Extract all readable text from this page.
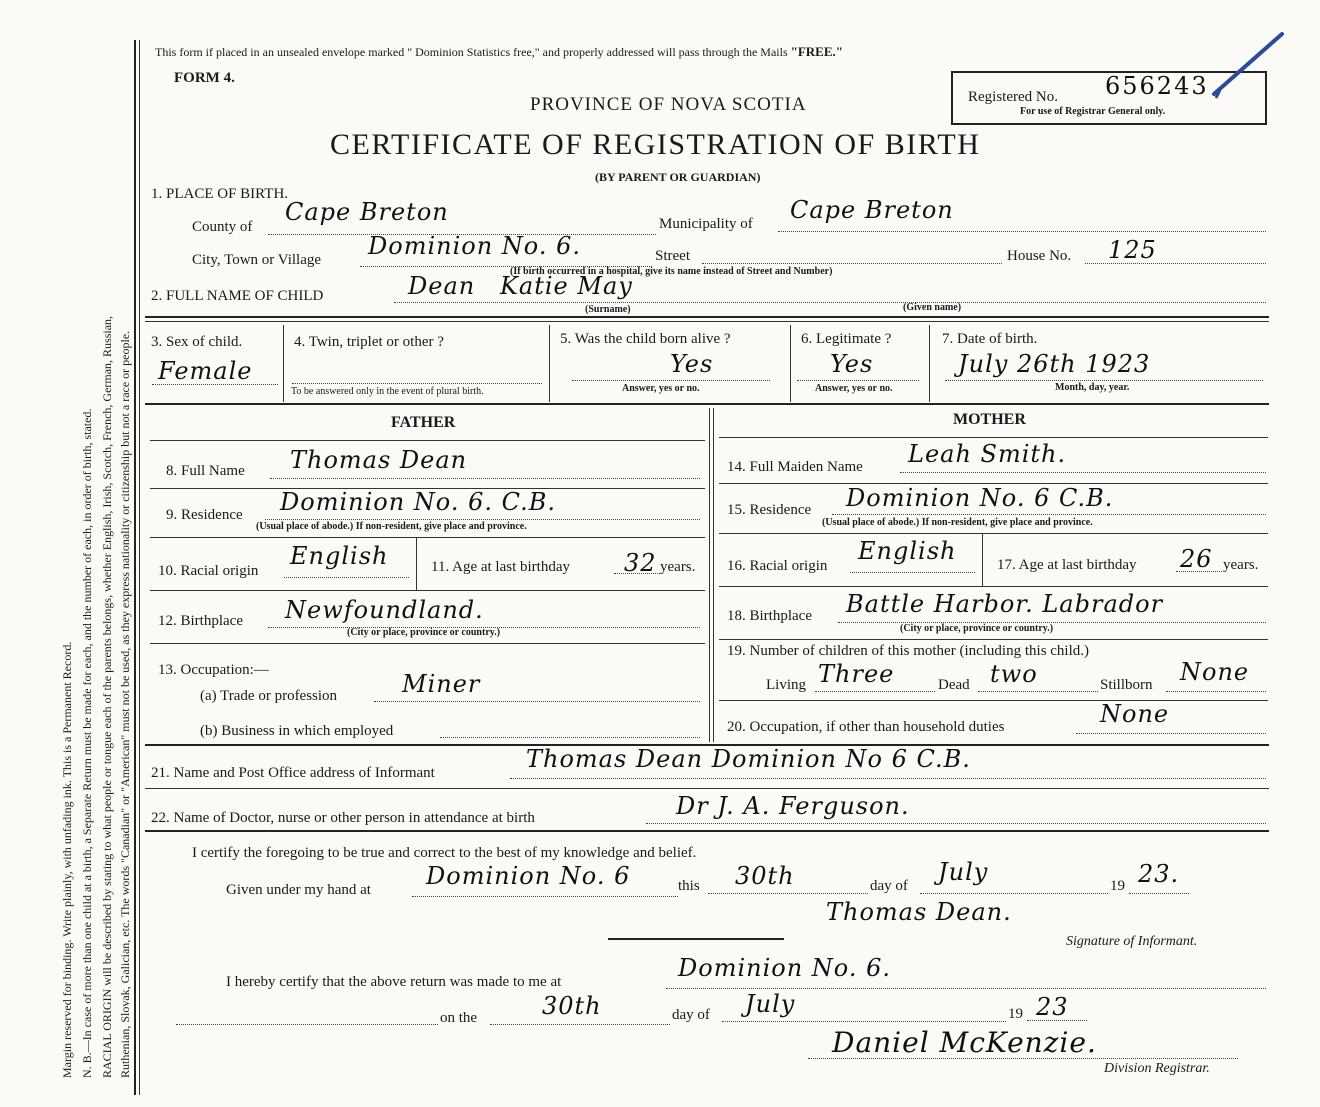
Margin reserved for binding. Write plainly, with unfading ink. This is a Permanent Record. N. B.—In case of more than one child at a birth, a Separate Return must be made for each, and the number of each, in order of birth, stated. RACIAL ORIGIN will be described by stating to what people or tongue each of the parents belongs, whether English, Irish, Scotch, French, German, Russian, Ruthenian, Slovak, Galician, etc. The words "Canadian" or "American" must not be used, as they express nationality or citizenship but not a race or people.
This form if placed in an unsealed envelope marked " Dominion Statistics free," and properly addressed will pass through the Mails "FREE."
FORM 4.
PROVINCE OF NOVA SCOTIA
CERTIFICATE OF REGISTRATION OF BIRTH
(BY PARENT OR GUARDIAN)
Registered No. 656243
For use of Registrar General only.
1. PLACE OF BIRTH.
County of
Cape Breton	Municipality of Cape Breton
City, Town or Village Dominion No. 6.	Street	House No. 125
(If birth occurred in a hospital, give its name instead of Street and Number)
2. FULL NAME OF CHILD	Dean Katie May
(Surname)	(Given name)
3. Sex of child.
Female
4. Twin, triplet or other ?
To be answered only in the event of plural birth.
5. Was the child born alive ?
Yes
Answer, yes or no.
6. Legitimate ?
Yes
Answer, yes or no.
7. Date of birth.
July 26th 1923
Month, day, year.
FATHER	MOTHER
8. Full Name Thomas Dean
9. Residence Dominion No. 6. C.B.
(Usual place of abode.) If non-resident, give place and province.
10. Racial origin
English	11. Age at last birthday 32 years.
12. Birthplace Newfoundland.
(City or place, province or country.)
13. Occupation:—
(a) Trade or profession	Miner
(b) Business in which employed
14. Full Maiden Name Leah Smith.
15. Residence Dominion No. 6 C.B.
(Usual place of abode.) If non-resident, give place and province.
16. Racial origin
English	17. Age at last birthday 26 years.
18. Birthplace Battle Harbor. Labrador
(City or place, province or country.)
19. Number of children of this mother (including this child.)
Living Three	Dead two	Stillborn None
20. Occupation, if other than household duties	None
21. Name and Post Office address of Informant	Thomas Dean Dominion No 6 C.B.
22. Name of Doctor, nurse or other person in attendance at birth	Dr J. A. Ferguson.
I certify the foregoing to be true and correct to the best of my knowledge and belief.
Given under my hand at Dominion No. 6	this 30th	day of July	19 23.
Thomas Dean.
Signature of Informant.
I hereby certify that the above return was made to me at	Dominion No. 6.
on the	30th	day of July	19 23
Daniel McKenzie.
Division Registrar.
